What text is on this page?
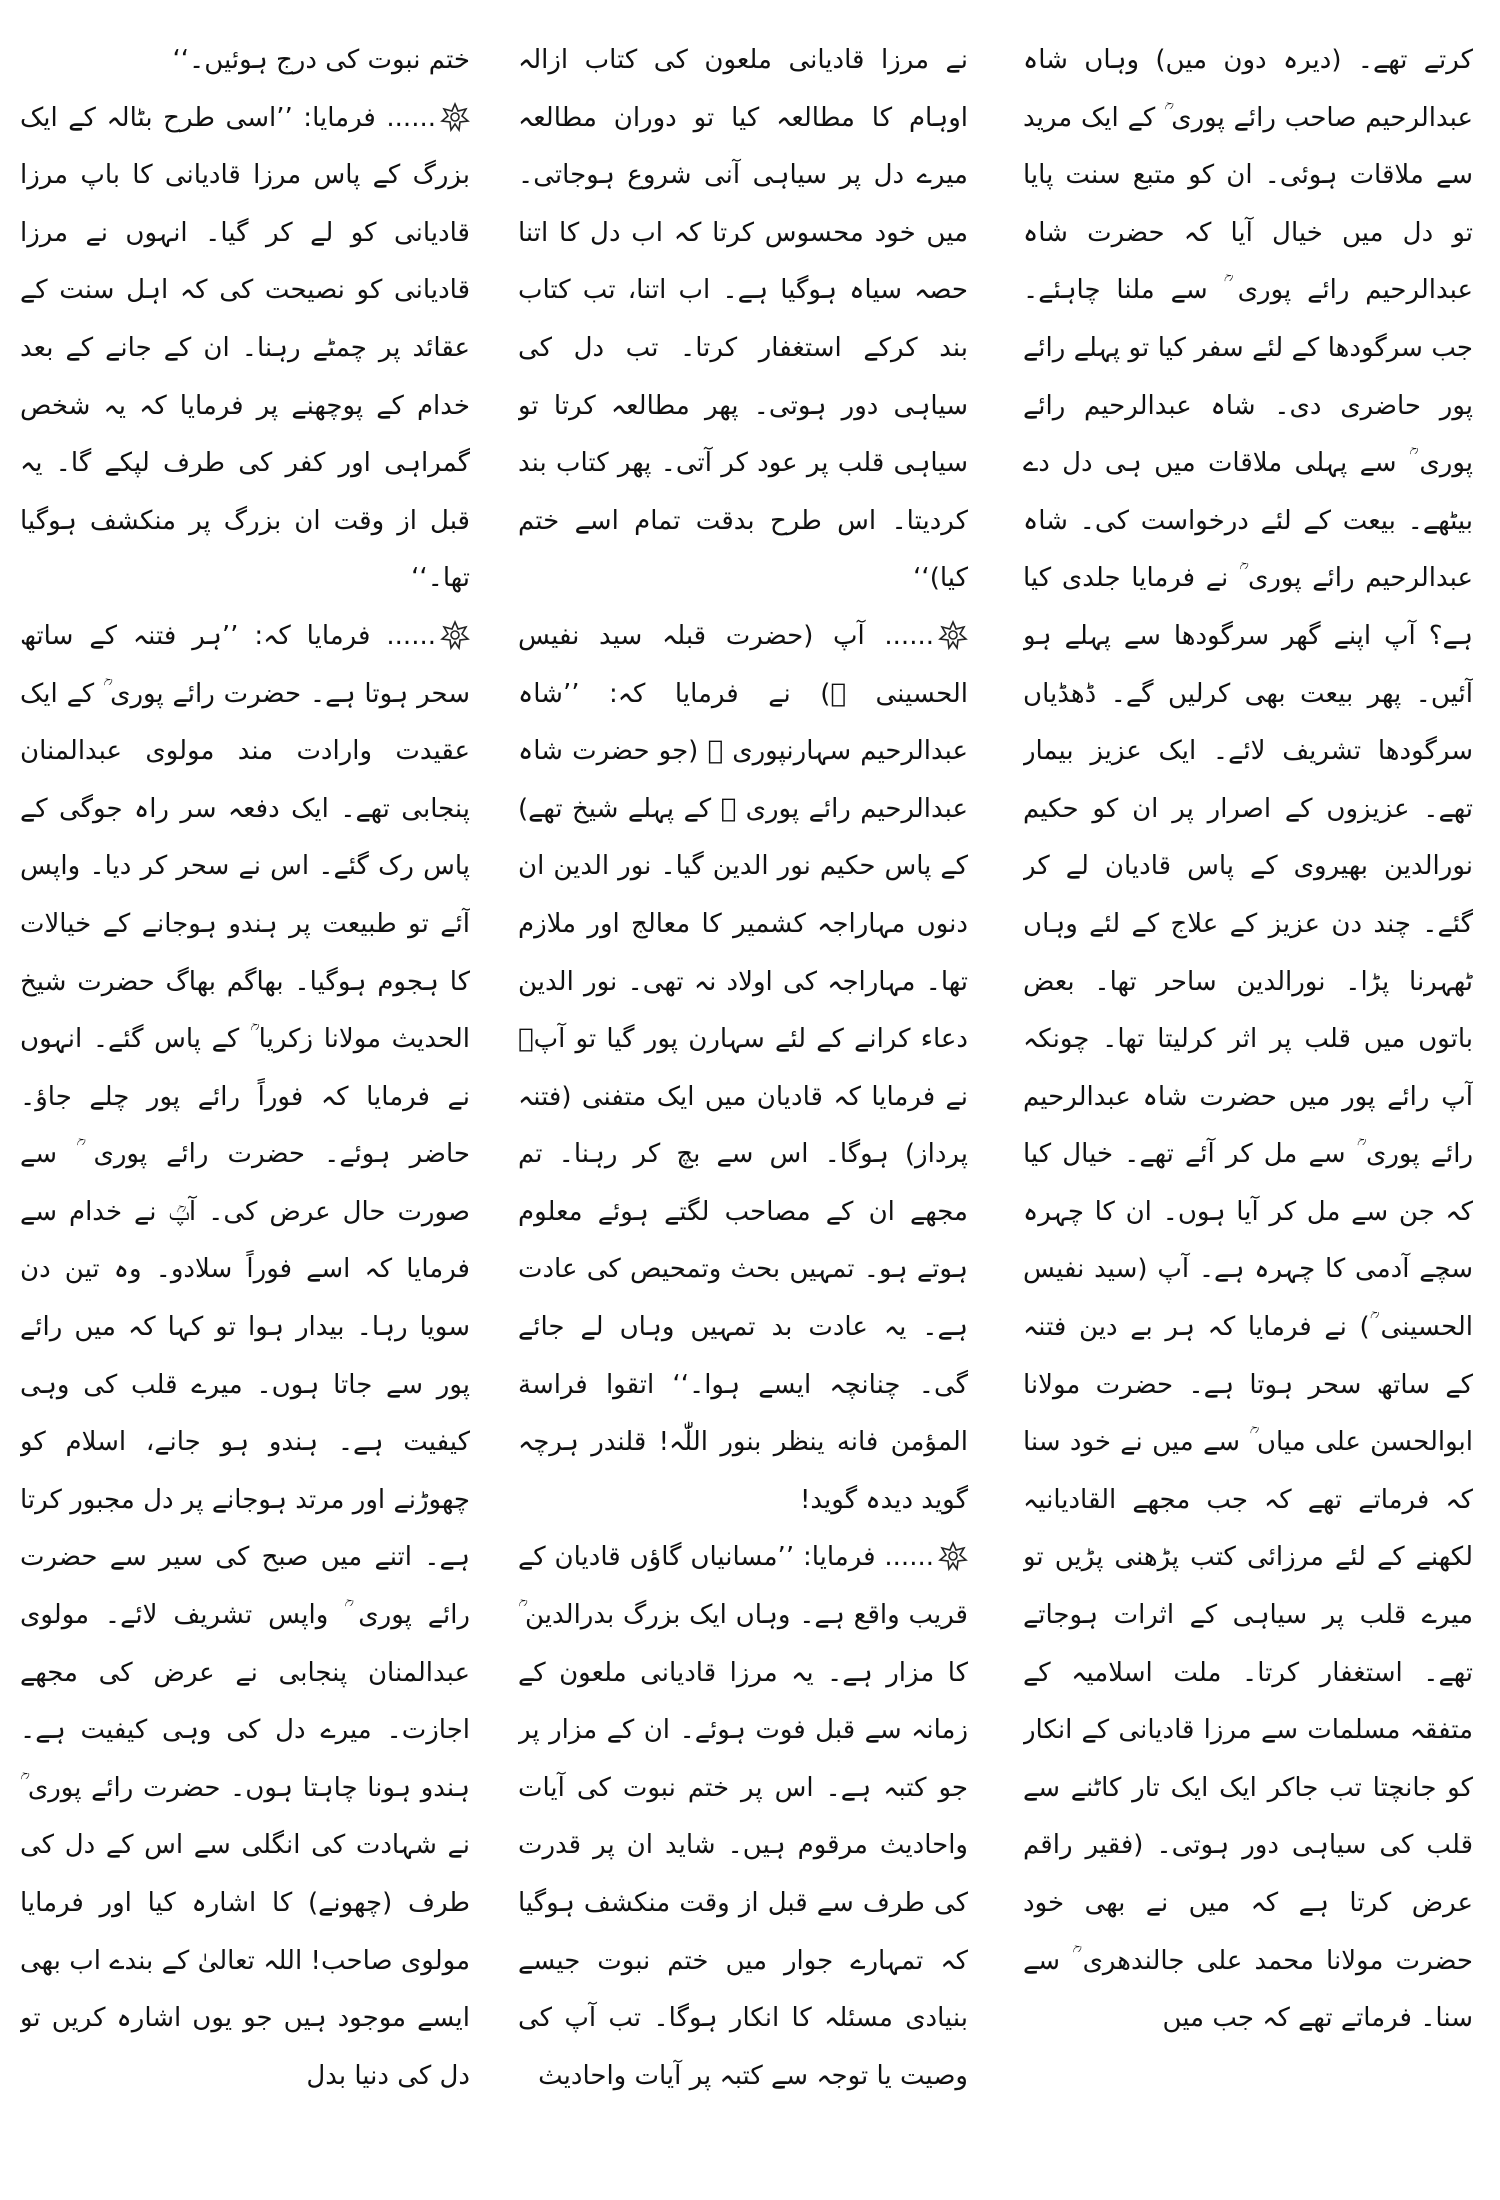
کرتے تھے۔ (دیرہ دون میں) وہاں شاہ عبدالرحیم صاحب رائے پوری ؒ کے ایک مرید سے ملاقات ہوئی۔ ان کو متبع سنت پایا تو دل میں خیال آیا کہ حضرت شاہ عبدالرحیم رائے پوری ؒ سے ملنا چاہئے۔ جب سرگودھا کے لئے سفر کیا تو پہلے رائے پور حاضری دی۔ شاہ عبدالرحیم رائے پوری ؒ سے پہلی ملاقات میں ہی دل دے بیٹھے۔ بیعت کے لئے درخواست کی۔ شاہ عبدالرحیم رائے پوری ؒ نے فرمایا جلدی کیا ہے؟ آپ اپنے گھر سرگودھا سے پہلے ہو آئیں۔ پھر بیعت بھی کرلیں گے۔ ڈھڈیاں سرگودھا تشریف لائے۔ ایک عزیز بیمار تھے۔ عزیزوں کے اصرار پر ان کو حکیم نورالدین بھیروی کے پاس قادیان لے کر گئے۔ چند دن عزیز کے علاج کے لئے وہاں ٹھہرنا پڑا۔ نورالدین ساحر تھا۔ بعض باتوں میں قلب پر اثر کرلیتا تھا۔ چونکہ آپ رائے پور میں حضرت شاہ عبدالرحیم رائے پوری ؒ سے مل کر آئے تھے۔ خیال کیا کہ جن سے مل کر آیا ہوں۔ ان کا چہرہ سچے آدمی کا چہرہ ہے۔ آپ (سید نفیس الحسینی ؒ) نے فرمایا کہ ہر بے دین فتنہ کے ساتھ سحر ہوتا ہے۔ حضرت مولانا ابوالحسن علی میاں ؒ سے میں نے خود سنا کہ فرماتے تھے کہ جب مجھے القادیانیہ لکھنے کے لئے مرزائی کتب پڑھنی پڑیں تو میرے قلب پر سیاہی کے اثرات ہوجاتے تھے۔ استغفار کرتا۔ ملت اسلامیہ کے متفقہ مسلمات سے مرزا قادیانی کے انکار کو جانچتا تب جاکر ایک ایک تار کاٹنے سے قلب کی سیاہی دور ہوتی۔ (فقیر راقم عرض کرتا ہے کہ میں نے بھی خود حضرت مولانا محمد علی جالندھری ؒ سے سنا۔ فرماتے تھے کہ جب میں

نے مرزا قادیانی ملعون کی کتاب ازالہ اوہام کا مطالعہ کیا تو دوران مطالعہ میرے دل پر سیاہی آنی شروع ہوجاتی۔ میں خود محسوس کرتا کہ اب دل کا اتنا حصہ سیاہ ہوگیا ہے۔ اب اتنا، تب کتاب بند کرکے استغفار کرتا۔ تب دل کی سیاہی دور ہوتی۔ پھر مطالعہ کرتا تو سیاہی قلب پر عود کر آتی۔ پھر کتاب بند کردیتا۔ اس طرح بدقت تمام اسے ختم کیا)‘‘

...... آپ (حضرت قبلہ سید نفیس الحسینی ؒ) نے فرمایا کہ: ’’شاہ عبدالرحیم سہارنپوری ؒ (جو حضرت شاہ عبدالرحیم رائے پوری ؒ کے پہلے شیخ تھے) کے پاس حکیم نور الدین گیا۔ نور الدین ان دنوں مہاراجہ کشمیر کا معالج اور ملازم تھا۔ مہاراجہ کی اولاد نہ تھی۔ نور الدین دعاء کرانے کے لئے سہارن پور گیا تو آپؒ نے فرمایا کہ قادیان میں ایک متفنی (فتنہ پرداز) ہوگا۔ اس سے بچ کر رہنا۔ تم مجھے ان کے مصاحب لگتے ہوئے معلوم ہوتے ہو۔ تمہیں بحث وتمحیص کی عادت ہے۔ یہ عادت بد تمہیں وہاں لے جائے گی۔ چنانچہ ایسے ہوا۔‘‘ اتقوا فراسة المؤمن فانه ینظر بنور اللّٰہ! قلندر ہرچہ گوید دیدہ گوید!

...... فرمایا: ’’مسانیاں گاؤں قادیان کے قریب واقع ہے۔ وہاں ایک بزرگ بدرالدین ؒ کا مزار ہے۔ یہ مرزا قادیانی ملعون کے زمانہ سے قبل فوت ہوئے۔ ان کے مزار پر جو کتبہ ہے۔ اس پر ختم نبوت کی آیات واحادیث مرقوم ہیں۔ شاید ان پر قدرت کی طرف سے قبل از وقت منکشف ہوگیا کہ تمہارے جوار میں ختم نبوت جیسے بنیادی مسئلہ کا انکار ہوگا۔ تب آپ کی وصیت یا توجہ سے کتبہ پر آیات واحادیث

ختم نبوت کی درج ہوئیں۔‘‘

...... فرمایا: ’’اسی طرح بٹالہ کے ایک بزرگ کے پاس مرزا قادیانی کا باپ مرزا قادیانی کو لے کر گیا۔ انہوں نے مرزا قادیانی کو نصیحت کی کہ اہل سنت کے عقائد پر چمٹے رہنا۔ ان کے جانے کے بعد خدام کے پوچھنے پر فرمایا کہ یہ شخص گمراہی اور کفر کی طرف لپکے گا۔ یہ قبل از وقت ان بزرگ پر منکشف ہوگیا تھا۔‘‘

...... فرمایا کہ: ’’ہر فتنہ کے ساتھ سحر ہوتا ہے۔ حضرت رائے پوری ؒ کے ایک عقیدت وارادت مند مولوی عبدالمنان پنجابی تھے۔ ایک دفعہ سر راہ جوگی کے پاس رک گئے۔ اس نے سحر کر دیا۔ واپس آئے تو طبیعت پر ہندو ہوجانے کے خیالات کا ہجوم ہوگیا۔ بھاگم بھاگ حضرت شیخ الحدیث مولانا زکریا ؒ کے پاس گئے۔ انہوں نے فرمایا کہ فوراً رائے پور چلے جاؤ۔ حاضر ہوئے۔ حضرت رائے پوری ؒ سے صورت حال عرض کی۔ آپؒ نے خدام سے فرمایا کہ اسے فوراً سلادو۔ وہ تین دن سویا رہا۔ بیدار ہوا تو کہا کہ میں رائے پور سے جاتا ہوں۔ میرے قلب کی وہی کیفیت ہے۔ ہندو ہو جانے، اسلام کو چھوڑنے اور مرتد ہوجانے پر دل مجبور کرتا ہے۔ اتنے میں صبح کی سیر سے حضرت رائے پوری ؒ واپس تشریف لائے۔ مولوی عبدالمنان پنجابی نے عرض کی مجھے اجازت۔ میرے دل کی وہی کیفیت ہے۔ ہندو ہونا چاہتا ہوں۔ حضرت رائے پوری ؒ نے شہادت کی انگلی سے اس کے دل کی طرف (چھونے) کا اشارہ کیا اور فرمایا مولوی صاحب! اللہ تعالیٰ کے بندے اب بھی ایسے موجود ہیں جو یوں اشارہ کریں تو دل کی دنیا بدل
